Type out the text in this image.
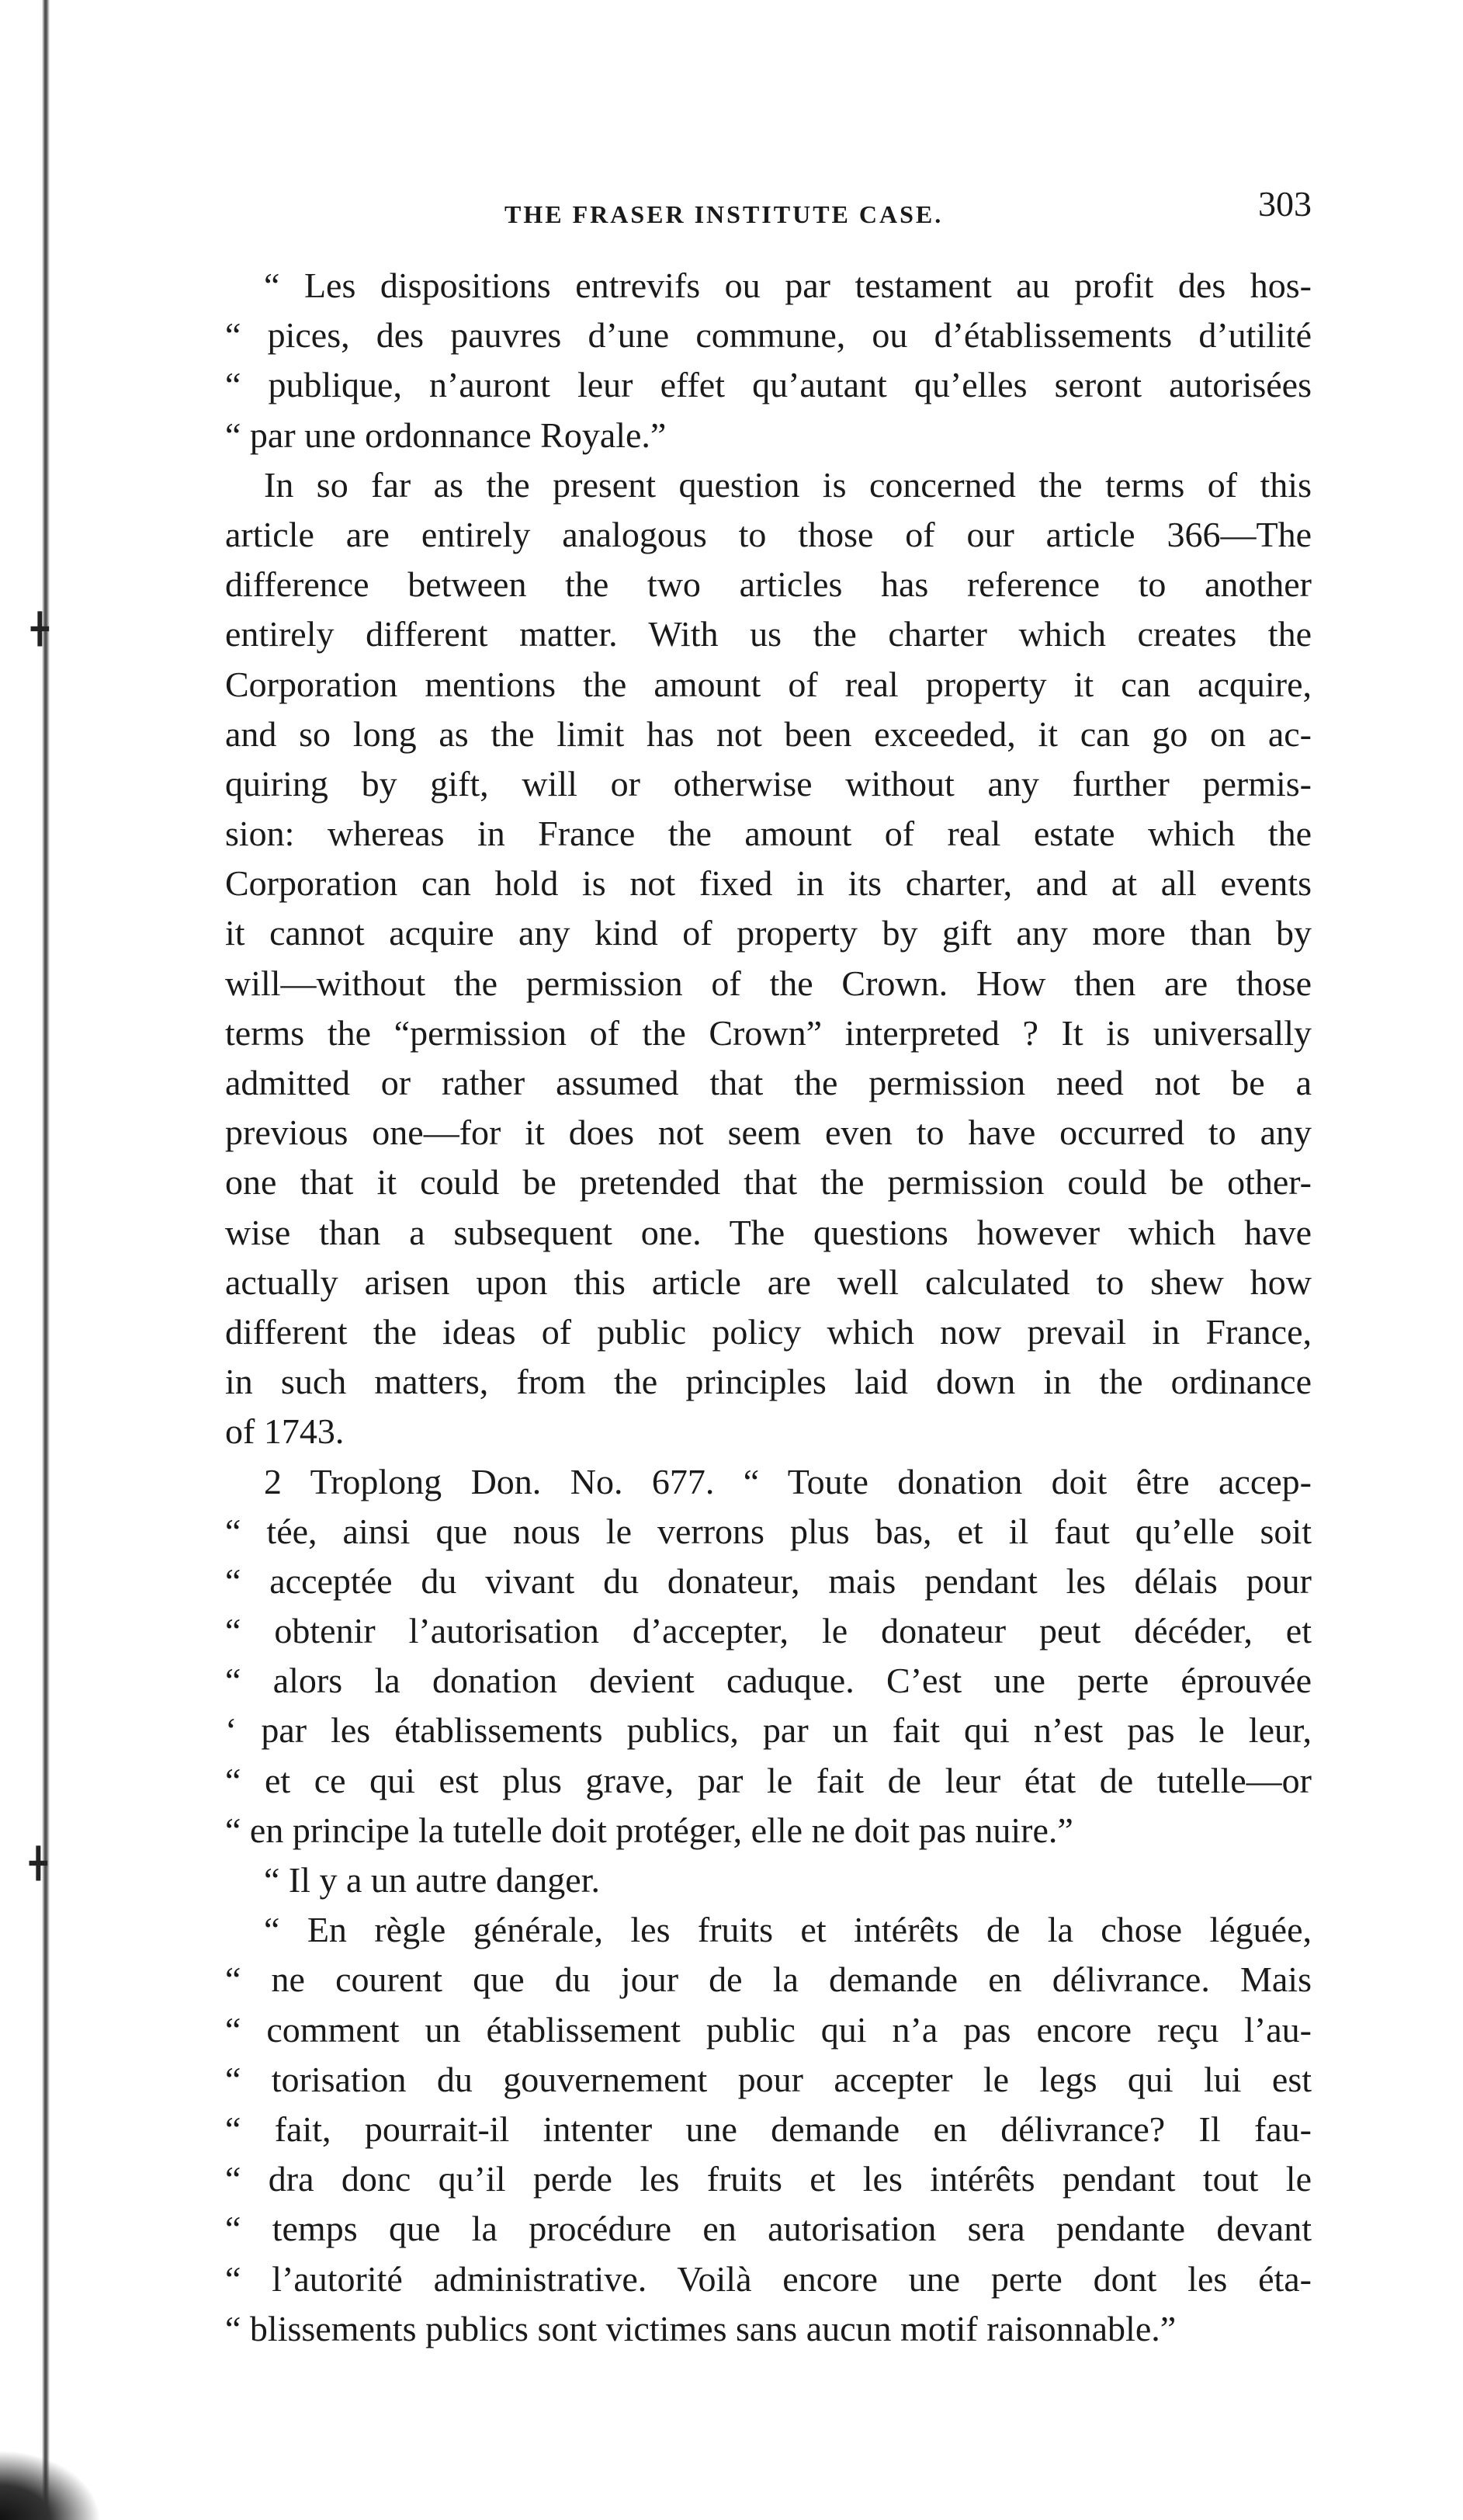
╋
╋
THE FRASER INSTITUTE CASE.	303
“ Les dispositions entrevifs ou par testament au profit des hos-
“ pices, des pauvres d’une commune, ou d’établissements d’utilité
“ publique, n’auront leur effet qu’autant qu’elles seront autorisées
“ par une ordonnance Royale.”
In so far as the present question is concerned the terms of this
article are entirely analogous to those of our article 366—The
difference between the two articles has reference to another
entirely different matter. With us the charter which creates the
Corporation mentions the amount of real property it can acquire,
and so long as the limit has not been exceeded, it can go on ac-
quiring by gift, will or otherwise without any further permis-
sion: whereas in France the amount of real estate which the
Corporation can hold is not fixed in its charter, and at all events
it cannot acquire any kind of property by gift any more than by
will—without the permission of the Crown. How then are those
terms the “permission of the Crown” interpreted ? It is universally
admitted or rather assumed that the permission need not be a
previous one—for it does not seem even to have occurred to any
one that it could be pretended that the permission could be other-
wise than a subsequent one. The questions however which have
actually arisen upon this article are well calculated to shew how
different the ideas of public policy which now prevail in France,
in such matters, from the principles laid down in the ordinance
of 1743.
2 Troplong Don. No. 677. “ Toute donation doit être accep-
“ tée, ainsi que nous le verrons plus bas, et il faut qu’elle soit
“ acceptée du vivant du donateur, mais pendant les délais pour
“ obtenir l’autorisation d’accepter, le donateur peut décéder, et
“ alors la donation devient caduque. C’est une perte éprouvée
‘ par les établissements publics, par un fait qui n’est pas le leur,
“ et ce qui est plus grave, par le fait de leur état de tutelle—or
“ en principe la tutelle doit protéger, elle ne doit pas nuire.”
“ Il y a un autre danger.
“ En règle générale, les fruits et intérêts de la chose léguée,
“ ne courent que du jour de la demande en délivrance. Mais
“ comment un établissement public qui n’a pas encore reçu l’au-
“ torisation du gouvernement pour accepter le legs qui lui est
“ fait, pourrait-il intenter une demande en délivrance? Il fau-
“ dra donc qu’il perde les fruits et les intérêts pendant tout le
“ temps que la procédure en autorisation sera pendante devant
“ l’autorité administrative. Voilà encore une perte dont les éta-
“ blissements publics sont victimes sans aucun motif raisonnable.”
